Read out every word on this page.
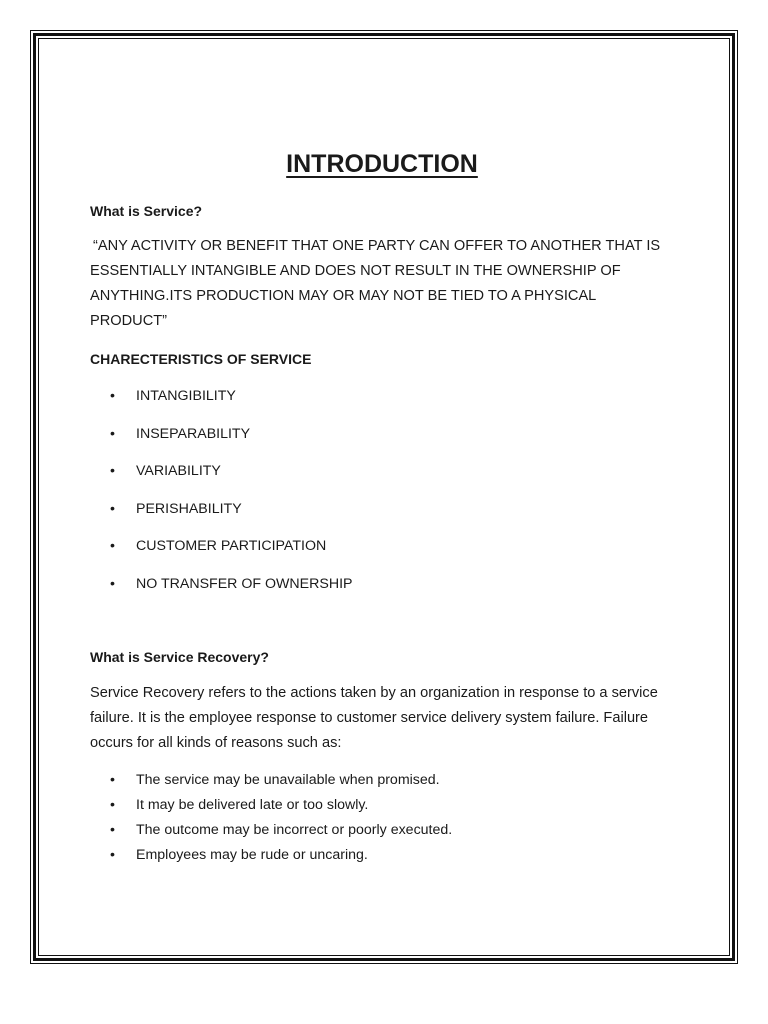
INTRODUCTION

What is Service?

“ANY ACTIVITY OR BENEFIT THAT ONE PARTY CAN OFFER TO ANOTHER THAT IS ESSENTIALLY INTANGIBLE AND DOES NOT RESULT IN THE OWNERSHIP OF ANYTHING.ITS PRODUCTION MAY OR MAY NOT BE TIED TO A PHYSICAL PRODUCT”

CHARECTERISTICS OF SERVICE

• INTANGIBILITY
• INSEPARABILITY
• VARIABILITY
• PERISHABILITY
• CUSTOMER PARTICIPATION
• NO TRANSFER OF OWNERSHIP

What is Service Recovery?

Service Recovery refers to the actions taken by an organization in response to a service failure. It is the employee response to customer service delivery system failure. Failure occurs for all kinds of reasons such as:

• The service may be unavailable when promised.
• It may be delivered late or too slowly.
• The outcome may be incorrect or poorly executed.
• Employees may be rude or uncaring.
